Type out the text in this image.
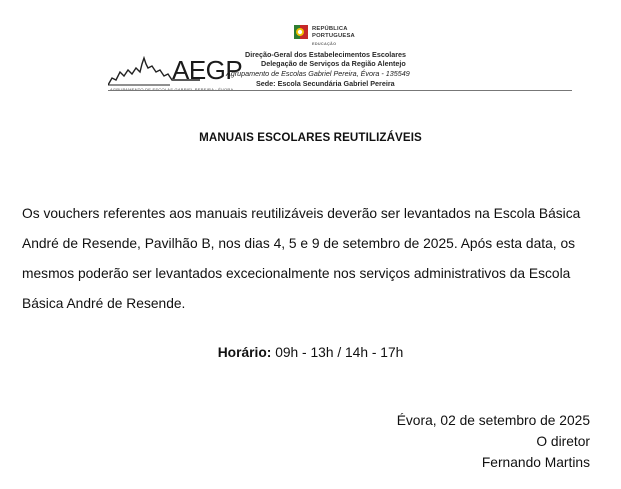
REPÚBLICA
PORTUGUESA
EDUCAÇÃO
Direção-Geral dos Estabelecimentos Escolares
Delegação de Serviços da Região Alentejo
Agrupamento de Escolas Gabriel Pereira, Évora - 135549
Sede: Escola Secundária Gabriel Pereira
AEGP
MANUAIS ESCOLARES REUTILIZÁVEIS
Os vouchers referentes aos manuais reutilizáveis deverão ser levantados na Escola Básica
André de Resende, Pavilhão B, nos dias 4, 5 e 9 de setembro de 2025. Após esta data, os
mesmos poderão ser levantados excecionalmente nos serviços administrativos da Escola
Básica André de Resende.
Horário: 09h - 13h / 14h - 17h
Évora, 02 de setembro de 2025
O diretor
Fernando Martins
